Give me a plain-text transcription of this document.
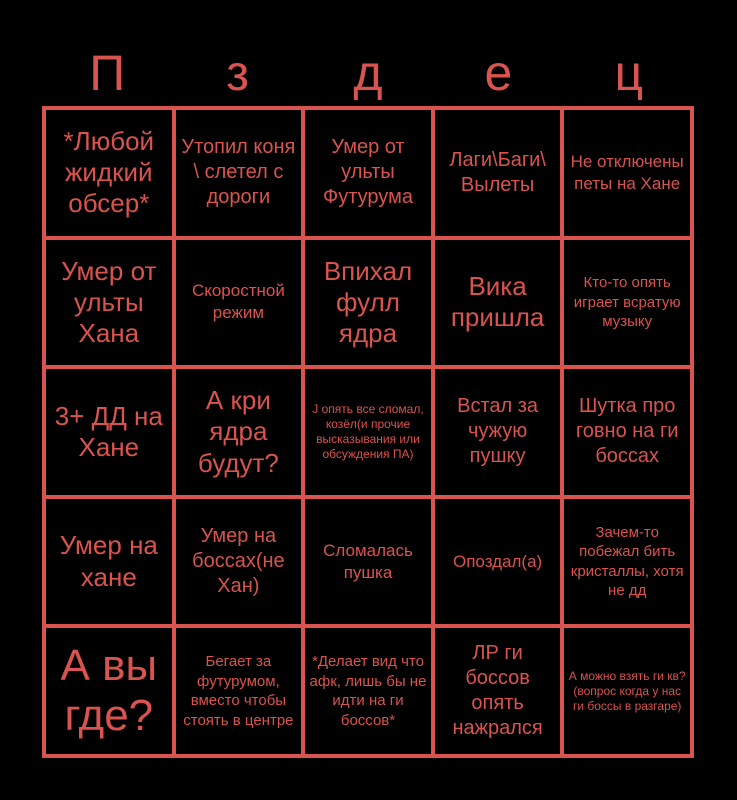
П	з	д	е	ц
*Любой жидкий обсер*
Утопил коня \ слетел с дороги
Умер от ульты Футурума
Лаги\Баги\ Вылеты
Не отключены петы на Хане
Умер от ульты Хана
Скоростной режим
Впихал фулл ядра
Вика пришла
Кто-то опять играет всратую музыку
3+ ДД на Хане
А кри ядра будут?
J опять все сломал, козёл(и прочие высказывания или обсуждения ПА)
Встал за чужую пушку
Шутка про говно на ги боссах
Умер на хане
Умер на боссах(не Хан)
Сломалась пушка
Опоздал(а)
Зачем-то побежал бить кристаллы, хотя не дд
А вы где?
Бегает за футурумом, вместо чтобы стоять в центре
*Делает вид что афк, лишь бы не идти на ги боссов*
ЛР ги боссов опять нажрался
А можно взять ги кв?(вопрос когда у нас ги боссы в разгаре)
